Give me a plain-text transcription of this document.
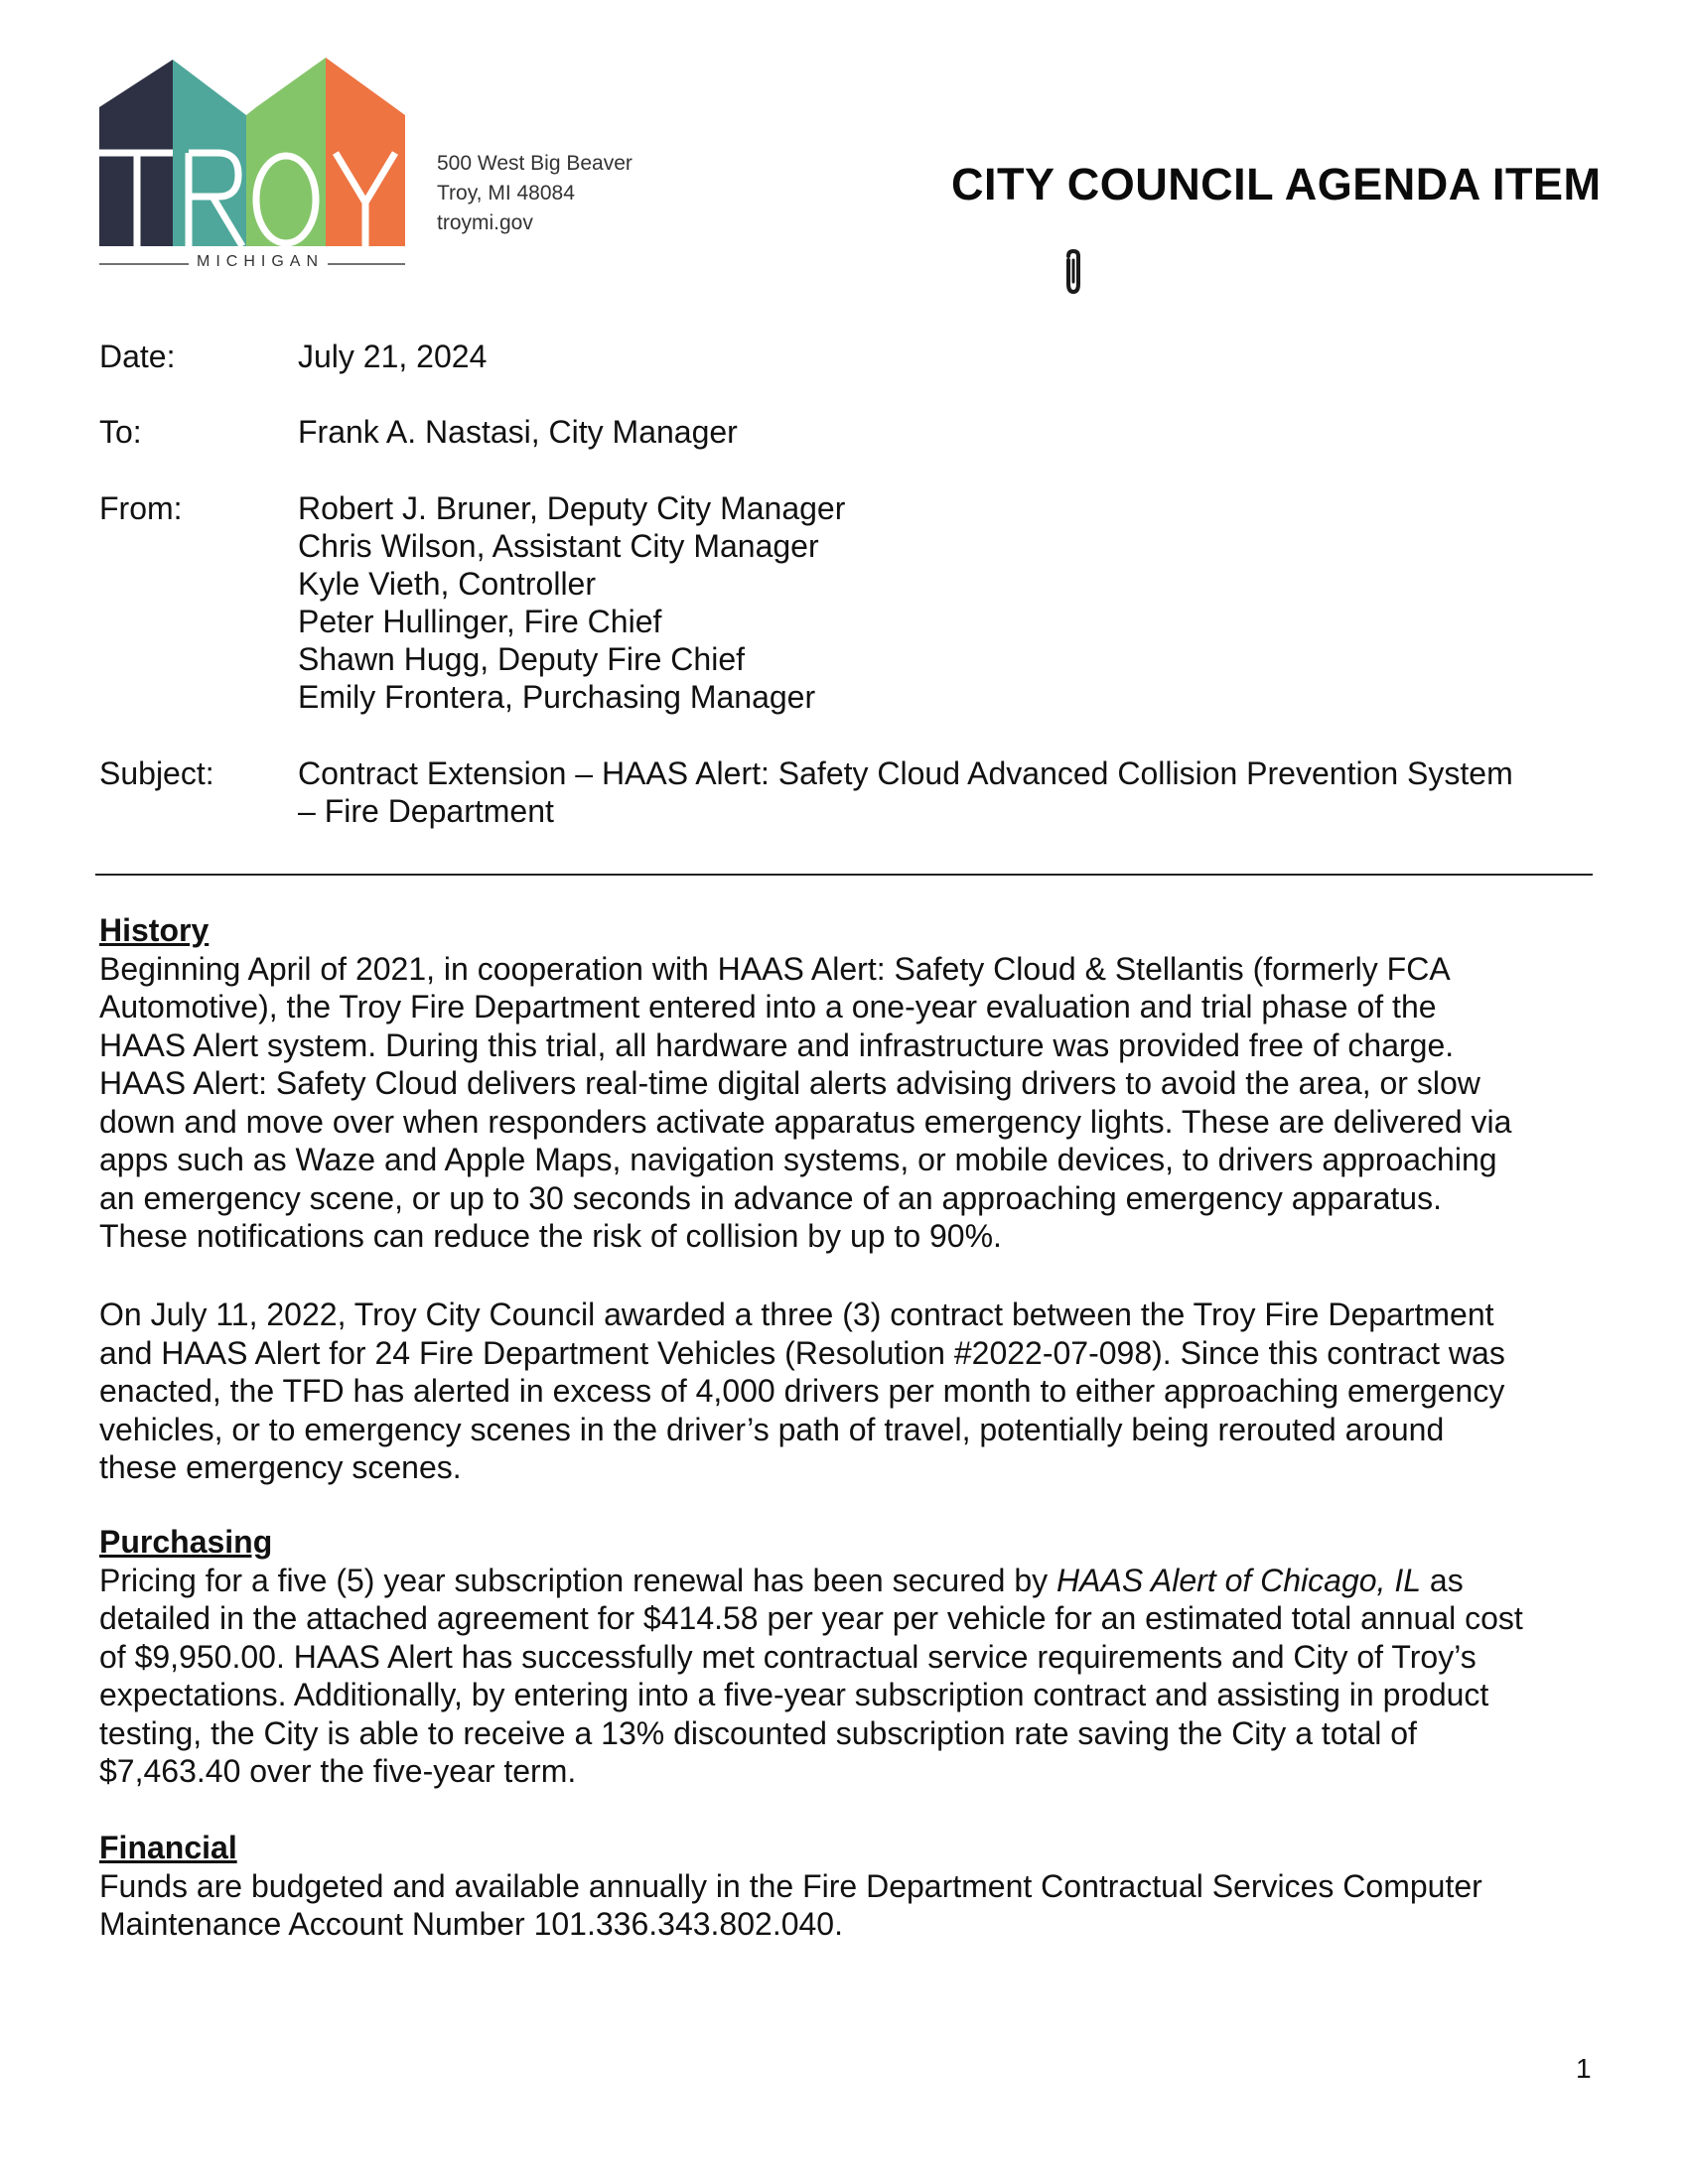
MICHIGAN
500 West Big Beaver
Troy, MI 48084
troymi.gov
CITY COUNCIL AGENDA ITEM
Date:	July 21, 2024
To:	Frank A. Nastasi, City Manager
From:	Robert J. Bruner, Deputy City Manager
Chris Wilson, Assistant City Manager
Kyle Vieth, Controller
Peter Hullinger, Fire Chief
Shawn Hugg, Deputy Fire Chief
Emily Frontera, Purchasing Manager
Subject:	Contract Extension – HAAS Alert: Safety Cloud Advanced Collision Prevention System
– Fire Department
History

Beginning April of 2021, in cooperation with HAAS Alert: Safety Cloud & Stellantis (formerly FCA
Automotive), the Troy Fire Department entered into a one-year evaluation and trial phase of the
HAAS Alert system. During this trial, all hardware and infrastructure was provided free of charge.
HAAS Alert: Safety Cloud delivers real-time digital alerts advising drivers to avoid the area, or slow
down and move over when responders activate apparatus emergency lights. These are delivered via
apps such as Waze and Apple Maps, navigation systems, or mobile devices, to drivers approaching
an emergency scene, or up to 30 seconds in advance of an approaching emergency apparatus.
These notifications can reduce the risk of collision by up to 90%.

On July 11, 2022, Troy City Council awarded a three (3) contract between the Troy Fire Department
and HAAS Alert for 24 Fire Department Vehicles (Resolution #2022-07-098). Since this contract was
enacted, the TFD has alerted in excess of 4,000 drivers per month to either approaching emergency
vehicles, or to emergency scenes in the driver’s path of travel, potentially being rerouted around
these emergency scenes.

Purchasing

Pricing for a five (5) year subscription renewal has been secured by HAAS Alert of Chicago, IL as
detailed in the attached agreement for $414.58 per year per vehicle for an estimated total annual cost
of $9,950.00. HAAS Alert has successfully met contractual service requirements and City of Troy’s
expectations. Additionally, by entering into a five-year subscription contract and assisting in product
testing, the City is able to receive a 13% discounted subscription rate saving the City a total of
$7,463.40 over the five-year term.

Financial

Funds are budgeted and available annually in the Fire Department Contractual Services Computer
Maintenance Account Number 101.336.343.802.040.

1
